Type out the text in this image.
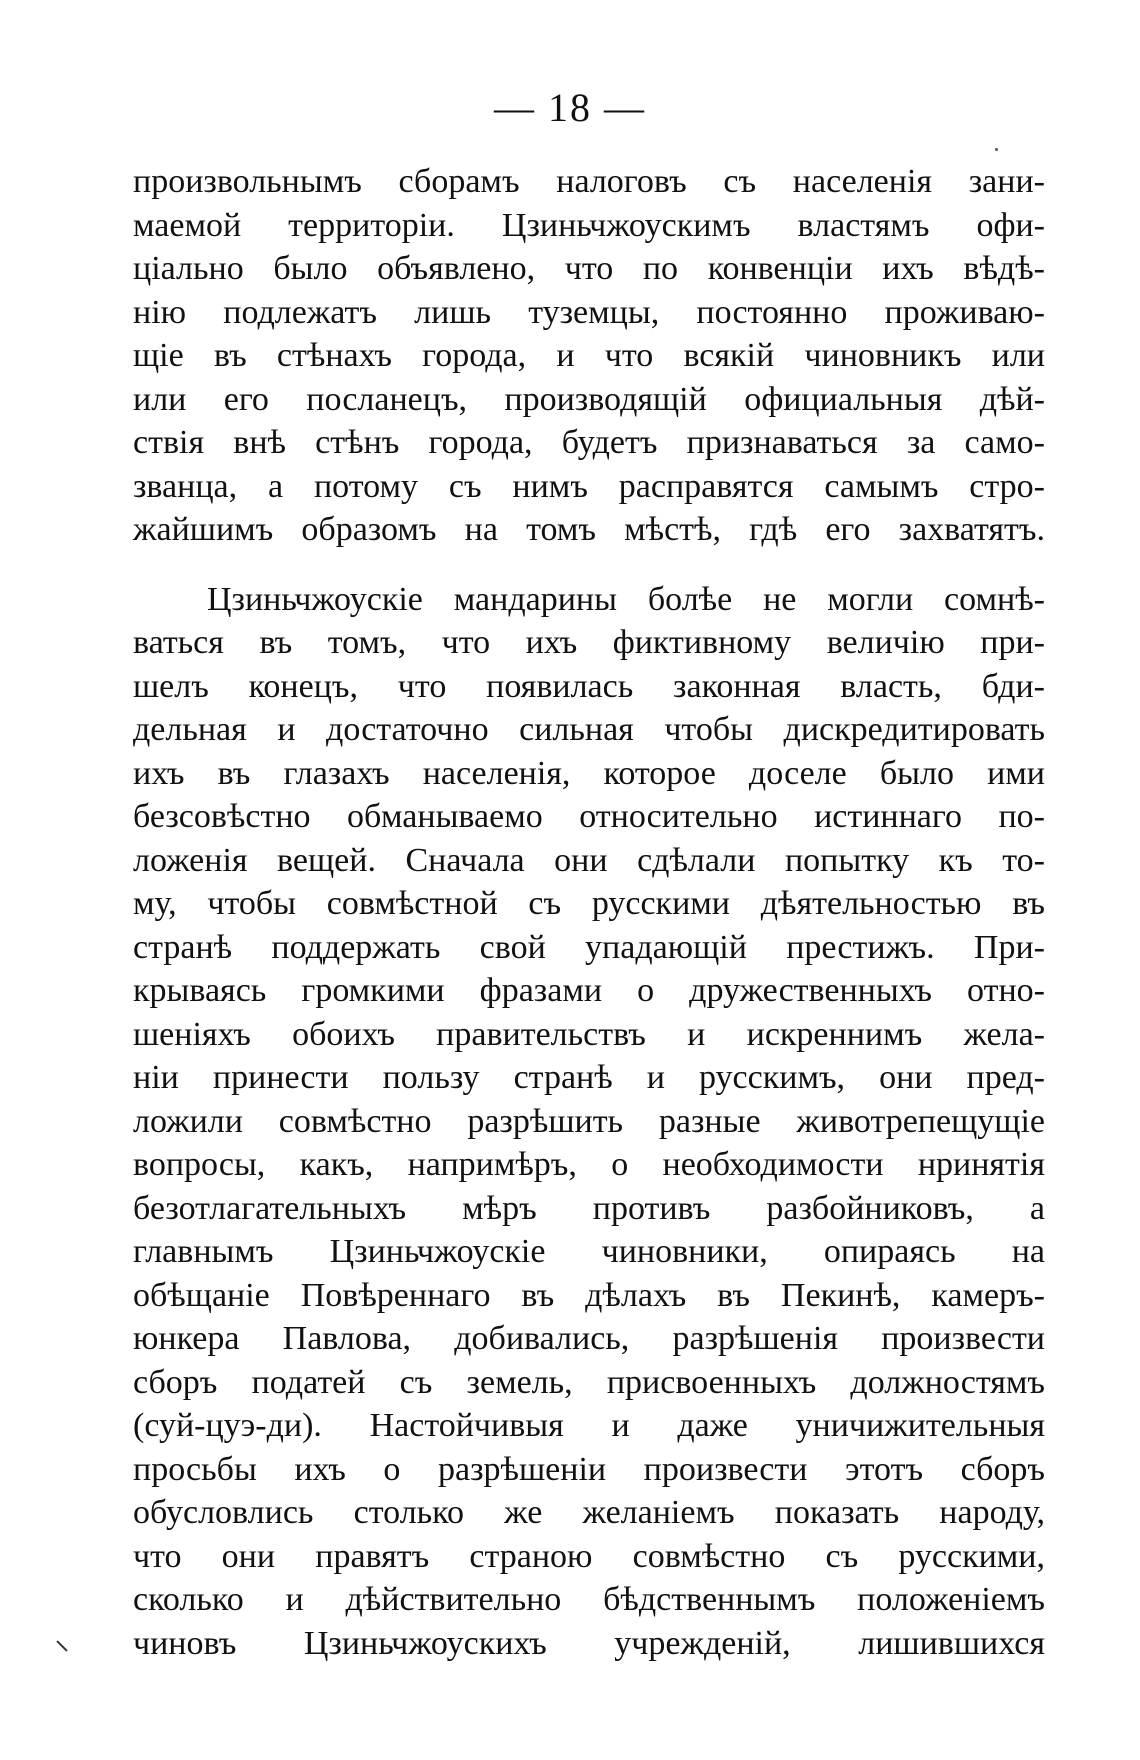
— 18 —
произвольнымъ сборамъ налоговъ съ населенія зани-
маемой территоріи. Цзиньчжоускимъ властямъ офи-
ціально было объявлено, что по конвенціи ихъ вѣдѣ-
нію подлежатъ лишь туземцы, постоянно проживаю-
щіе въ стѣнахъ города, и что всякій чиновникъ или
или его посланецъ, производящій официальныя дѣй-
ствія внѣ стѣнъ города, будетъ признаваться за само-
званца, а потому съ нимъ расправятся самымъ стро-
жайшимъ образомъ на томъ мѣстѣ, гдѣ его захватятъ.
Цзиньчжоускіе мандарины болѣе не могли сомнѣ-
ваться въ томъ, что ихъ фиктивному величію при-
шелъ конецъ, что появилась законная власть, бди-
дельная и достаточно сильная чтобы дискредитировать
ихъ въ глазахъ населенія, которое доселе было ими
безсовѣстно обманываемо относительно истиннаго по-
ложенія вещей. Сначала они сдѣлали попытку къ то-
му, чтобы совмѣстной съ русскими дѣятельностью въ
странѣ поддержать свой упадающій престижъ. При-
крываясь громкими фразами о дружественныхъ отно-
шеніяхъ обоихъ правительствъ и искреннимъ жела-
ніи принести пользу странѣ и русскимъ, они пред-
ложили совмѣстно разрѣшить разные животрепещущіе
вопросы, какъ, напримѣръ, о необходимости нринятія
безотлагательныхъ мѣръ противъ разбойниковъ, а
главнымъ Цзиньчжоускіе чиновники, опираясь на
обѣщаніе Повѣреннаго въ дѣлахъ въ Пекинѣ, камеръ-
юнкера Павлова, добивались, разрѣшенія произвести
сборъ податей съ земель, присвоенныхъ должностямъ
(суй-цуэ-ди). Настойчивыя и даже уничижительныя
просьбы ихъ о разрѣшеніи произвести этотъ сборъ
обусловлись столько же желаніемъ показать народу,
что они правятъ страною совмѣстно съ русскими,
сколько и дѣйствительно бѣдственнымъ положеніемъ
чиновъ Цзиньчжоускихъ учрежденій, лишившихся
